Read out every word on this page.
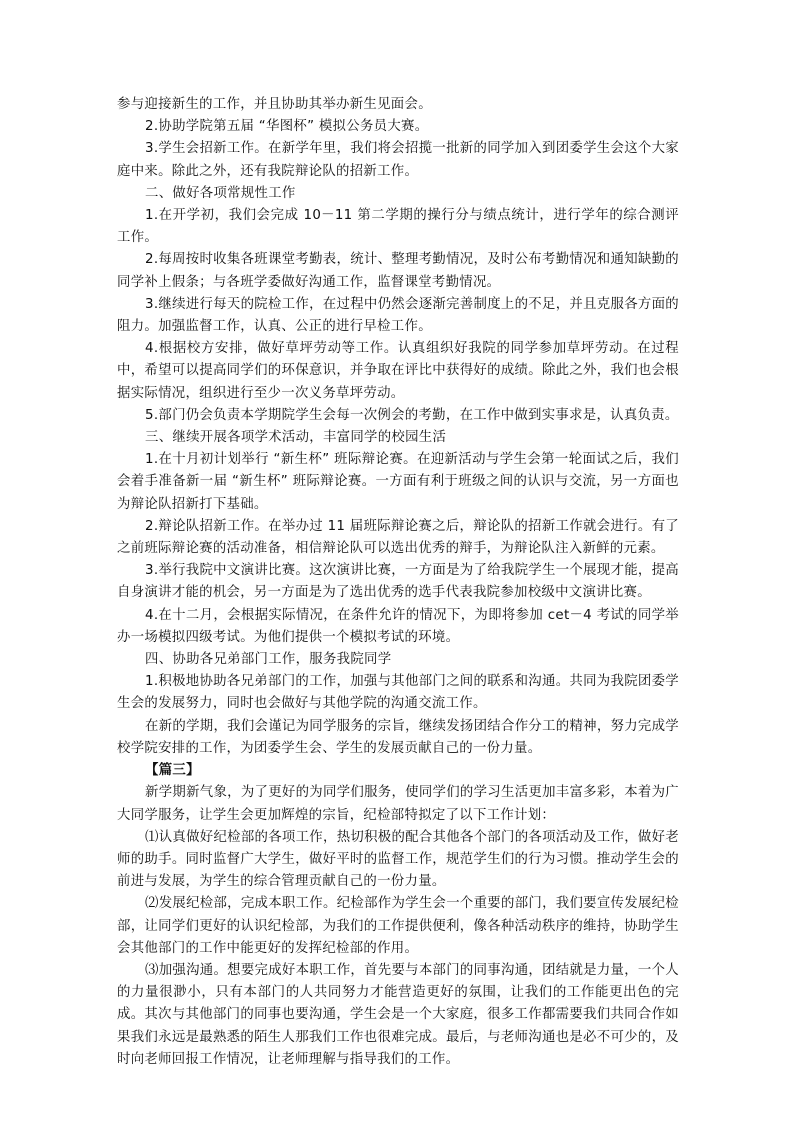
参与迎接新生的工作，并且协助其举办新生见面会。

2.协助学院第五届 “华图杯” 模拟公务员大赛。

3.学生会招新工作。在新学年里，我们将会招揽一批新的同学加入到团委学生会这个大家庭中来。除此之外，还有我院辩论队的招新工作。

二、做好各项常规性工作

1.在开学初，我们会完成 10－11 第二学期的操行分与绩点统计，进行学年的综合测评工作。

2.每周按时收集各班课堂考勤表，统计、整理考勤情况，及时公布考勤情况和通知缺勤的同学补上假条；与各班学委做好沟通工作，监督课堂考勤情况。

3.继续进行每天的院检工作，在过程中仍然会逐渐完善制度上的不足，并且克服各方面的阻力。加强监督工作，认真、公正的进行早检工作。

4.根据校方安排，做好草坪劳动等工作。认真组织好我院的同学参加草坪劳动。在过程中，希望可以提高同学们的环保意识，并争取在评比中获得好的成绩。除此之外，我们也会根据实际情况，组织进行至少一次义务草坪劳动。

5.部门仍会负责本学期院学生会每一次例会的考勤，在工作中做到实事求是，认真负责。

三、继续开展各项学术活动，丰富同学的校园生活

1.在十月初计划举行 “新生杯” 班际辩论赛。在迎新活动与学生会第一轮面试之后，我们会着手准备新一届 “新生杯” 班际辩论赛。一方面有利于班级之间的认识与交流，另一方面也为辩论队招新打下基础。

2.辩论队招新工作。在举办过 11 届班际辩论赛之后，辩论队的招新工作就会进行。有了之前班际辩论赛的活动准备，相信辩论队可以选出优秀的辩手，为辩论队注入新鲜的元素。

3.举行我院中文演讲比赛。这次演讲比赛，一方面是为了给我院学生一个展现才能，提高自身演讲才能的机会，另一方面是为了选出优秀的选手代表我院参加校级中文演讲比赛。

4.在十二月，会根据实际情况，在条件允许的情况下，为即将参加 cet－4 考试的同学举办一场模拟四级考试。为他们提供一个模拟考试的环境。

四、协助各兄弟部门工作，服务我院同学

1.积极地协助各兄弟部门的工作，加强与其他部门之间的联系和沟通。共同为我院团委学生会的发展努力，同时也会做好与其他学院的沟通交流工作。

在新的学期，我们会谨记为同学服务的宗旨，继续发扬团结合作分工的精神，努力完成学校学院安排的工作，为团委学生会、学生的发展贡献自己的一份力量。

【篇三】

新学期新气象，为了更好的为同学们服务，使同学们的学习生活更加丰富多彩，本着为广大同学服务，让学生会更加辉煌的宗旨，纪检部特拟定了以下工作计划：

⑴认真做好纪检部的各项工作，热切积极的配合其他各个部门的各项活动及工作，做好老师的助手。同时监督广大学生，做好平时的监督工作，规范学生们的行为习惯。推动学生会的前进与发展，为学生的综合管理贡献自己的一份力量。

⑵发展纪检部，完成本职工作。纪检部作为学生会一个重要的部门，我们要宣传发展纪检部，让同学们更好的认识纪检部，为我们的工作提供便利，像各种活动秩序的维持，协助学生会其他部门的工作中能更好的发挥纪检部的作用。

⑶加强沟通。想要完成好本职工作，首先要与本部门的同事沟通，团结就是力量，一个人的力量很渺小，只有本部门的人共同努力才能营造更好的氛围，让我们的工作能更出色的完成。其次与其他部门的同事也要沟通，学生会是一个大家庭，很多工作都需要我们共同合作如果我们永远是最熟悉的陌生人那我们工作也很难完成。最后，与老师沟通也是必不可少的，及时向老师回报工作情况，让老师理解与指导我们的工作。
